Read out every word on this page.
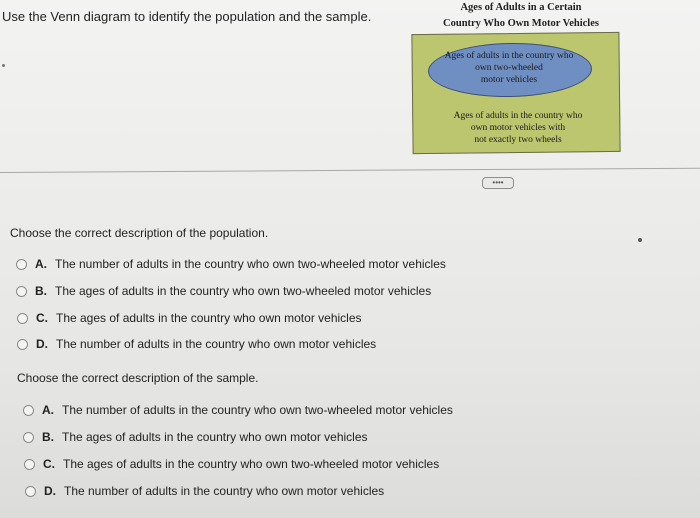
Use the Venn diagram to identify the population and the sample.
Ages of Adults in a Certain
Country Who Own Motor Vehicles
Ages of adults in the country who
own two-wheeled
motor vehicles
Ages of adults in the country who
own motor vehicles with
not exactly two wheels
••••
Choose the correct description of the population.
A. The number of adults in the country who own two-wheeled motor vehicles
B. The ages of adults in the country who own two-wheeled motor vehicles
C. The ages of adults in the country who own motor vehicles
D. The number of adults in the country who own motor vehicles
Choose the correct description of the sample.
A. The number of adults in the country who own two-wheeled motor vehicles
B. The ages of adults in the country who own motor vehicles
C. The ages of adults in the country who own two-wheeled motor vehicles
D. The number of adults in the country who own motor vehicles
